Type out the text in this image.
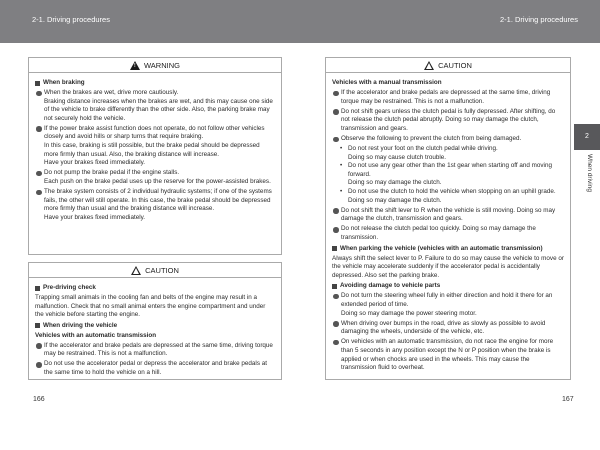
2-1. Driving procedures	2-1. Driving procedures
2
When driving
! WARNING
When braking

When the brakes are wet, drive more cautiously.

Braking distance increases when the brakes are wet, and this may cause one side of the vehicle to brake differently than the other side. Also, the parking brake may not securely hold the vehicle.

If the power brake assist function does not operate, do not follow other vehicles closely and avoid hills or sharp turns that require braking.

In this case, braking is still possible, but the brake pedal should be depressed more firmly than usual. Also, the braking distance will increase.

Have your brakes fixed immediately.

Do not pump the brake pedal if the engine stalls.

Each push on the brake pedal uses up the reserve for the power-assisted brakes.

The brake system consists of 2 individual hydraulic systems; if one of the systems fails, the other will still operate. In this case, the brake pedal should be depressed more firmly than usual and the braking distance will increase.

Have your brakes fixed immediately.

CAUTION
Pre-driving check
Trapping small animals in the cooling fan and belts of the engine may result in a malfunction. Check that no small animal enters the engine compartment and under the vehicle before starting the engine.
When driving the vehicle
Vehicles with an automatic transmission

If the accelerator and brake pedals are depressed at the same time, driving torque may be restrained. This is not a malfunction.

Do not use the accelerator pedal or depress the accelerator and brake pedals at the same time to hold the vehicle on a hill.

CAUTION
Vehicles with a manual transmission

If the accelerator and brake pedals are depressed at the same time, driving torque may be restrained. This is not a malfunction.

Do not shift gears unless the clutch pedal is fully depressed. After shifting, do not release the clutch pedal abruptly. Doing so may damage the clutch, transmission and gears.

Observe the following to prevent the clutch from being damaged.

• Do not rest your foot on the clutch pedal while driving.

Doing so may cause clutch trouble.

• Do not use any gear other than the 1st gear when starting off and moving forward.

Doing so may damage the clutch.

• Do not use the clutch to hold the vehicle when stopping on an uphill grade.

Doing so may damage the clutch.

Do not shift the shift lever to R when the vehicle is still moving. Doing so may damage the clutch, transmission and gears.

Do not release the clutch pedal too quickly. Doing so may damage the transmission.

When parking the vehicle (vehicles with an automatic transmission)
Always shift the select lever to P. Failure to do so may cause the vehicle to move or the vehicle may accelerate suddenly if the accelerator pedal is accidentally depressed. Also set the parking brake.
Avoiding damage to vehicle parts

Do not turn the steering wheel fully in either direction and hold it there for an extended period of time.

Doing so may damage the power steering motor.

When driving over bumps in the road, drive as slowly as possible to avoid damaging the wheels, underside of the vehicle, etc.

On vehicles with an automatic transmission, do not race the engine for more than 5 seconds in any position except the N or P position when the brake is applied or when chocks are used in the wheels. This may cause the transmission fluid to overheat.

166	167
